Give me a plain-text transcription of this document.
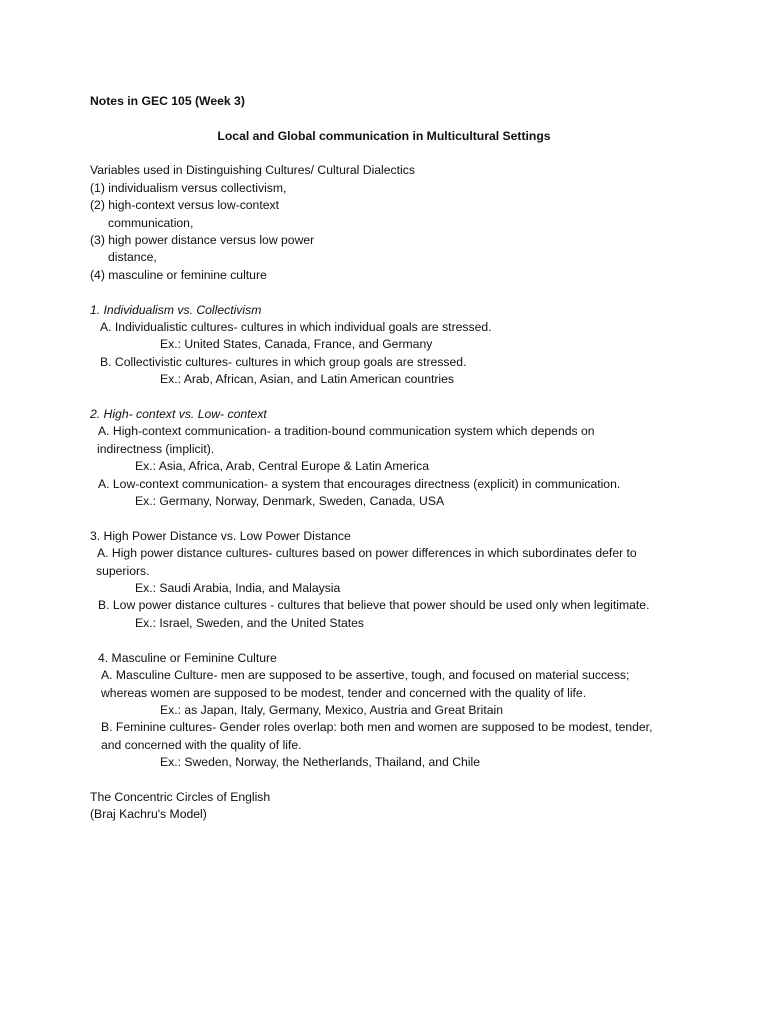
Notes in GEC 105 (Week 3)
Local and Global communication in Multicultural Settings
Variables used in Distinguishing Cultures/ Cultural Dialectics
(1) individualism versus collectivism,
(2) high-context versus low-context
communication,
(3) high power distance versus low power
distance,
(4) masculine or feminine culture
1. Individualism vs. Collectivism
A. Individualistic cultures- cultures in which individual goals are stressed.
Ex.: United States, Canada, France, and Germany
B. Collectivistic cultures- cultures in which group goals are stressed.
Ex.: Arab, African, Asian, and Latin American countries
2. High- context vs. Low- context
A. High-context communication- a tradition-bound communication system which depends on
indirectness (implicit).
Ex.: Asia, Africa, Arab, Central Europe & Latin America
A. Low-context communication- a system that encourages directness (explicit) in communication.
Ex.: Germany, Norway, Denmark, Sweden, Canada, USA
3. High Power Distance vs. Low Power Distance
A. High power distance cultures- cultures based on power differences in which subordinates defer to
superiors.
Ex.: Saudi Arabia, India, and Malaysia
B. Low power distance cultures - cultures that believe that power should be used only when legitimate.
Ex.: Israel, Sweden, and the United States
4. Masculine or Feminine Culture
A. Masculine Culture- men are supposed to be assertive, tough, and focused on material success;
whereas women are supposed to be modest, tender and concerned with the quality of life.
Ex.: as Japan, Italy, Germany, Mexico, Austria and Great Britain
B. Feminine cultures- Gender roles overlap: both men and women are supposed to be modest, tender,
and concerned with the quality of life.
Ex.: Sweden, Norway, the Netherlands, Thailand, and Chile
The Concentric Circles of English
(Braj Kachru's Model)
